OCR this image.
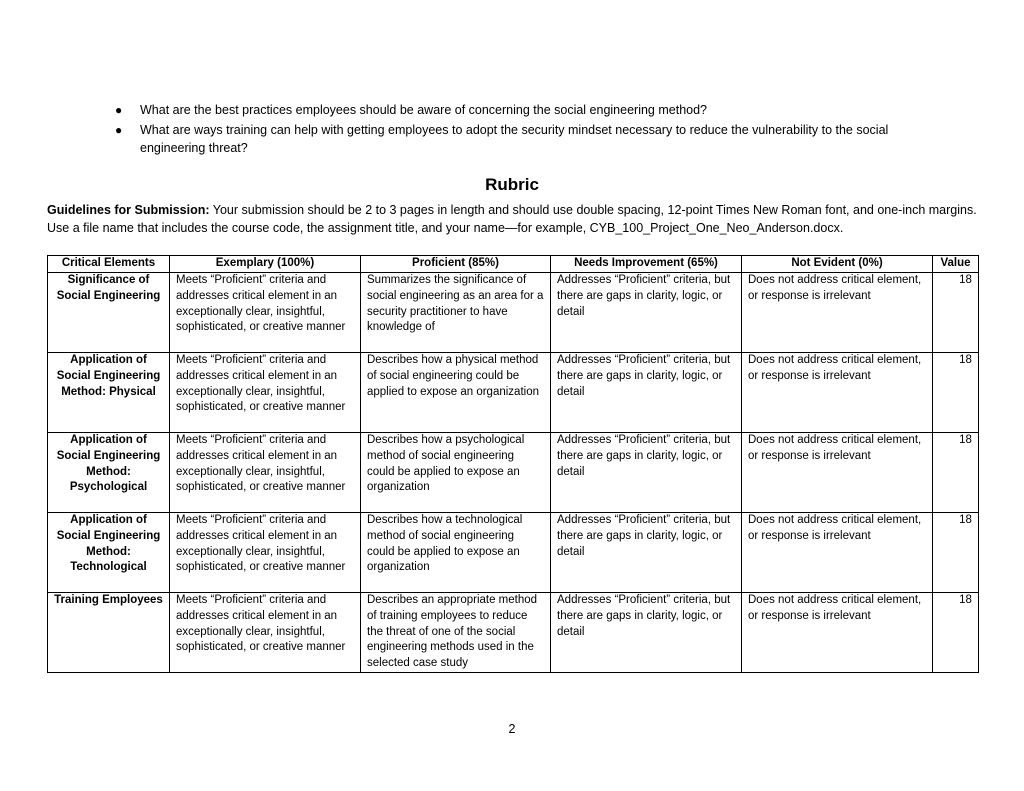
● What are the best practices employees should be aware of concerning the social engineering method?
● What are ways training can help with getting employees to adopt the security mindset necessary to reduce the vulnerability to the social engineering threat?
Rubric

Guidelines for Submission: Your submission should be 2 to 3 pages in length and should use double spacing, 12-point Times New Roman font, and one-inch margins. Use a file name that includes the course code, the assignment title, and your name—for example, CYB_100_Project_One_Neo_Anderson.docx.

Critical Elements	Exemplary (100%)	Proficient (85%)	Needs Improvement (65%)	Not Evident (0%)	Value
Significance of Social Engineering	Meets “Proficient” criteria and addresses critical element in an exceptionally clear, insightful, sophisticated, or creative manner	Summarizes the significance of social engineering as an area for a security practitioner to have knowledge of	Addresses “Proficient” criteria, but there are gaps in clarity, logic, or detail	Does not address critical element, or response is irrelevant	18
Application of Social Engineering Method: Physical	Meets “Proficient” criteria and addresses critical element in an exceptionally clear, insightful, sophisticated, or creative manner	Describes how a physical method of social engineering could be applied to expose an organization	Addresses “Proficient” criteria, but there are gaps in clarity, logic, or detail	Does not address critical element, or response is irrelevant	18
Application of Social Engineering Method: Psychological	Meets “Proficient” criteria and addresses critical element in an exceptionally clear, insightful, sophisticated, or creative manner	Describes how a psychological method of social engineering could be applied to expose an organization	Addresses “Proficient” criteria, but there are gaps in clarity, logic, or detail	Does not address critical element, or response is irrelevant	18
Application of Social Engineering Method: Technological	Meets “Proficient” criteria and addresses critical element in an exceptionally clear, insightful, sophisticated, or creative manner	Describes how a technological method of social engineering could be applied to expose an organization	Addresses “Proficient” criteria, but there are gaps in clarity, logic, or detail	Does not address critical element, or response is irrelevant	18
Training Employees	Meets “Proficient” criteria and addresses critical element in an exceptionally clear, insightful, sophisticated, or creative manner	Describes an appropriate method of training employees to reduce the threat of one of the social engineering methods used in the selected case study	Addresses “Proficient” criteria, but there are gaps in clarity, logic, or detail	Does not address critical element, or response is irrelevant	18
2
